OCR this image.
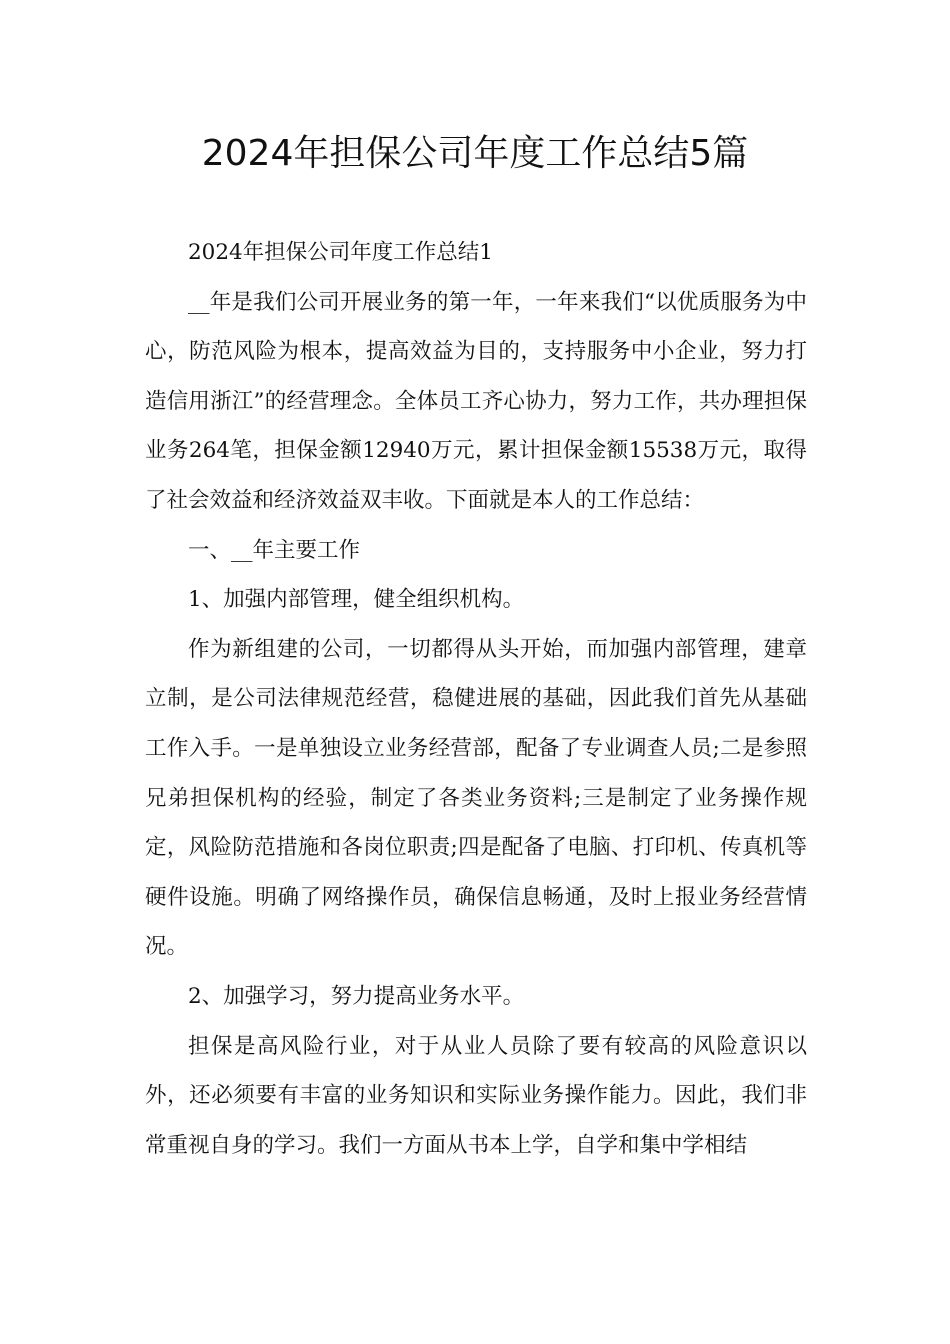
2024年担保公司年度工作总结5篇

2024年担保公司年度工作总结1

__年是我们公司开展业务的第一年，一年来我们“以优质服务为中心，防范风险为根本，提高效益为目的，支持服务中小企业，努力打造信用浙江”的经营理念。全体员工齐心协力，努力工作，共办理担保业务264笔，担保金额12940万元，累计担保金额15538万元，取得了社会效益和经济效益双丰收。下面就是本人的工作总结：

一、__年主要工作

1、加强内部管理，健全组织机构。

作为新组建的公司，一切都得从头开始，而加强内部管理，建章立制，是公司法律规范经营，稳健进展的基础，因此我们首先从基础工作入手。一是单独设立业务经营部，配备了专业调查人员;二是参照兄弟担保机构的经验，制定了各类业务资料;三是制定了业务操作规定，风险防范措施和各岗位职责;四是配备了电脑、打印机、传真机等硬件设施。明确了网络操作员，确保信息畅通，及时上报业务经营情况。

2、加强学习，努力提高业务水平。

担保是高风险行业，对于从业人员除了要有较高的风险意识以外，还必须要有丰富的业务知识和实际业务操作能力。因此，我们非常重视自身的学习。我们一方面从书本上学，自学和集中学相结
